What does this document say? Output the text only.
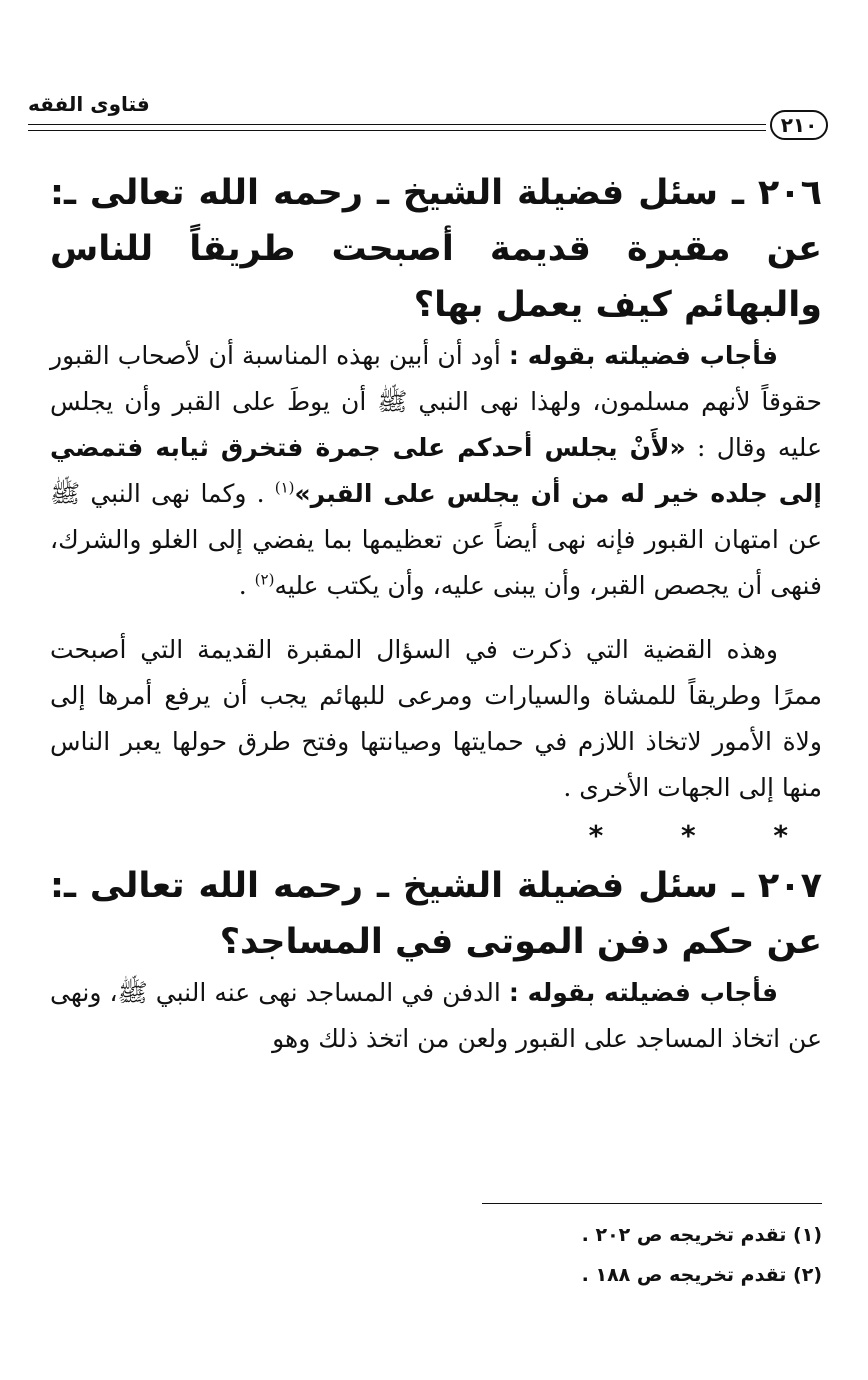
فتاوى الفقه
٢١٠

٢٠٦ ـ سئل فضيلة الشيخ ـ رحمه الله تعالى ـ: عن مقبرة قديمة أصبحت طريقاً للناس والبهائم كيف يعمل بها؟

فأجاب فضيلته بقوله : أود أن أبين بهذه المناسبة أن لأصحاب القبور حقوقاً لأنهم مسلمون، ولهذا نهى النبي ﷺ أن يوطَ على القبر وأن يجلس عليه وقال : «لأَنْ يجلس أحدكم على جمرة فتخرق ثيابه فتمضي إلى جلده خير له من أن يجلس على القبر»$^{(١)}$ . وكما نهى النبي ﷺ عن امتهان القبور فإنه نهى أيضاً عن تعظيمها بما يفضي إلى الغلو والشرك، فنهى أن يجصص القبر، وأن يبنى عليه، وأن يكتب عليه$^{(٢)}$ .

وهذه القضية التي ذكرت في السؤال المقبرة القديمة التي أصبحت ممرًا وطريقاً للمشاة والسيارات ومرعى للبهائم يجب أن يرفع أمرها إلى ولاة الأمور لاتخاذ اللازم في حمايتها وصيانتها وفتح طرق حولها يعبر الناس منها إلى الجهات الأخرى .

* * *

٢٠٧ ـ سئل فضيلة الشيخ ـ رحمه الله تعالى ـ: عن حكم دفن الموتى في المساجد؟

فأجاب فضيلته بقوله : الدفن في المساجد نهى عنه النبي ﷺ، ونهى عن اتخاذ المساجد على القبور ولعن من اتخذ ذلك وهو

(١) تقدم تخريجه ص ٢٠٢ .

(٢) تقدم تخريجه ص ١٨٨ .
